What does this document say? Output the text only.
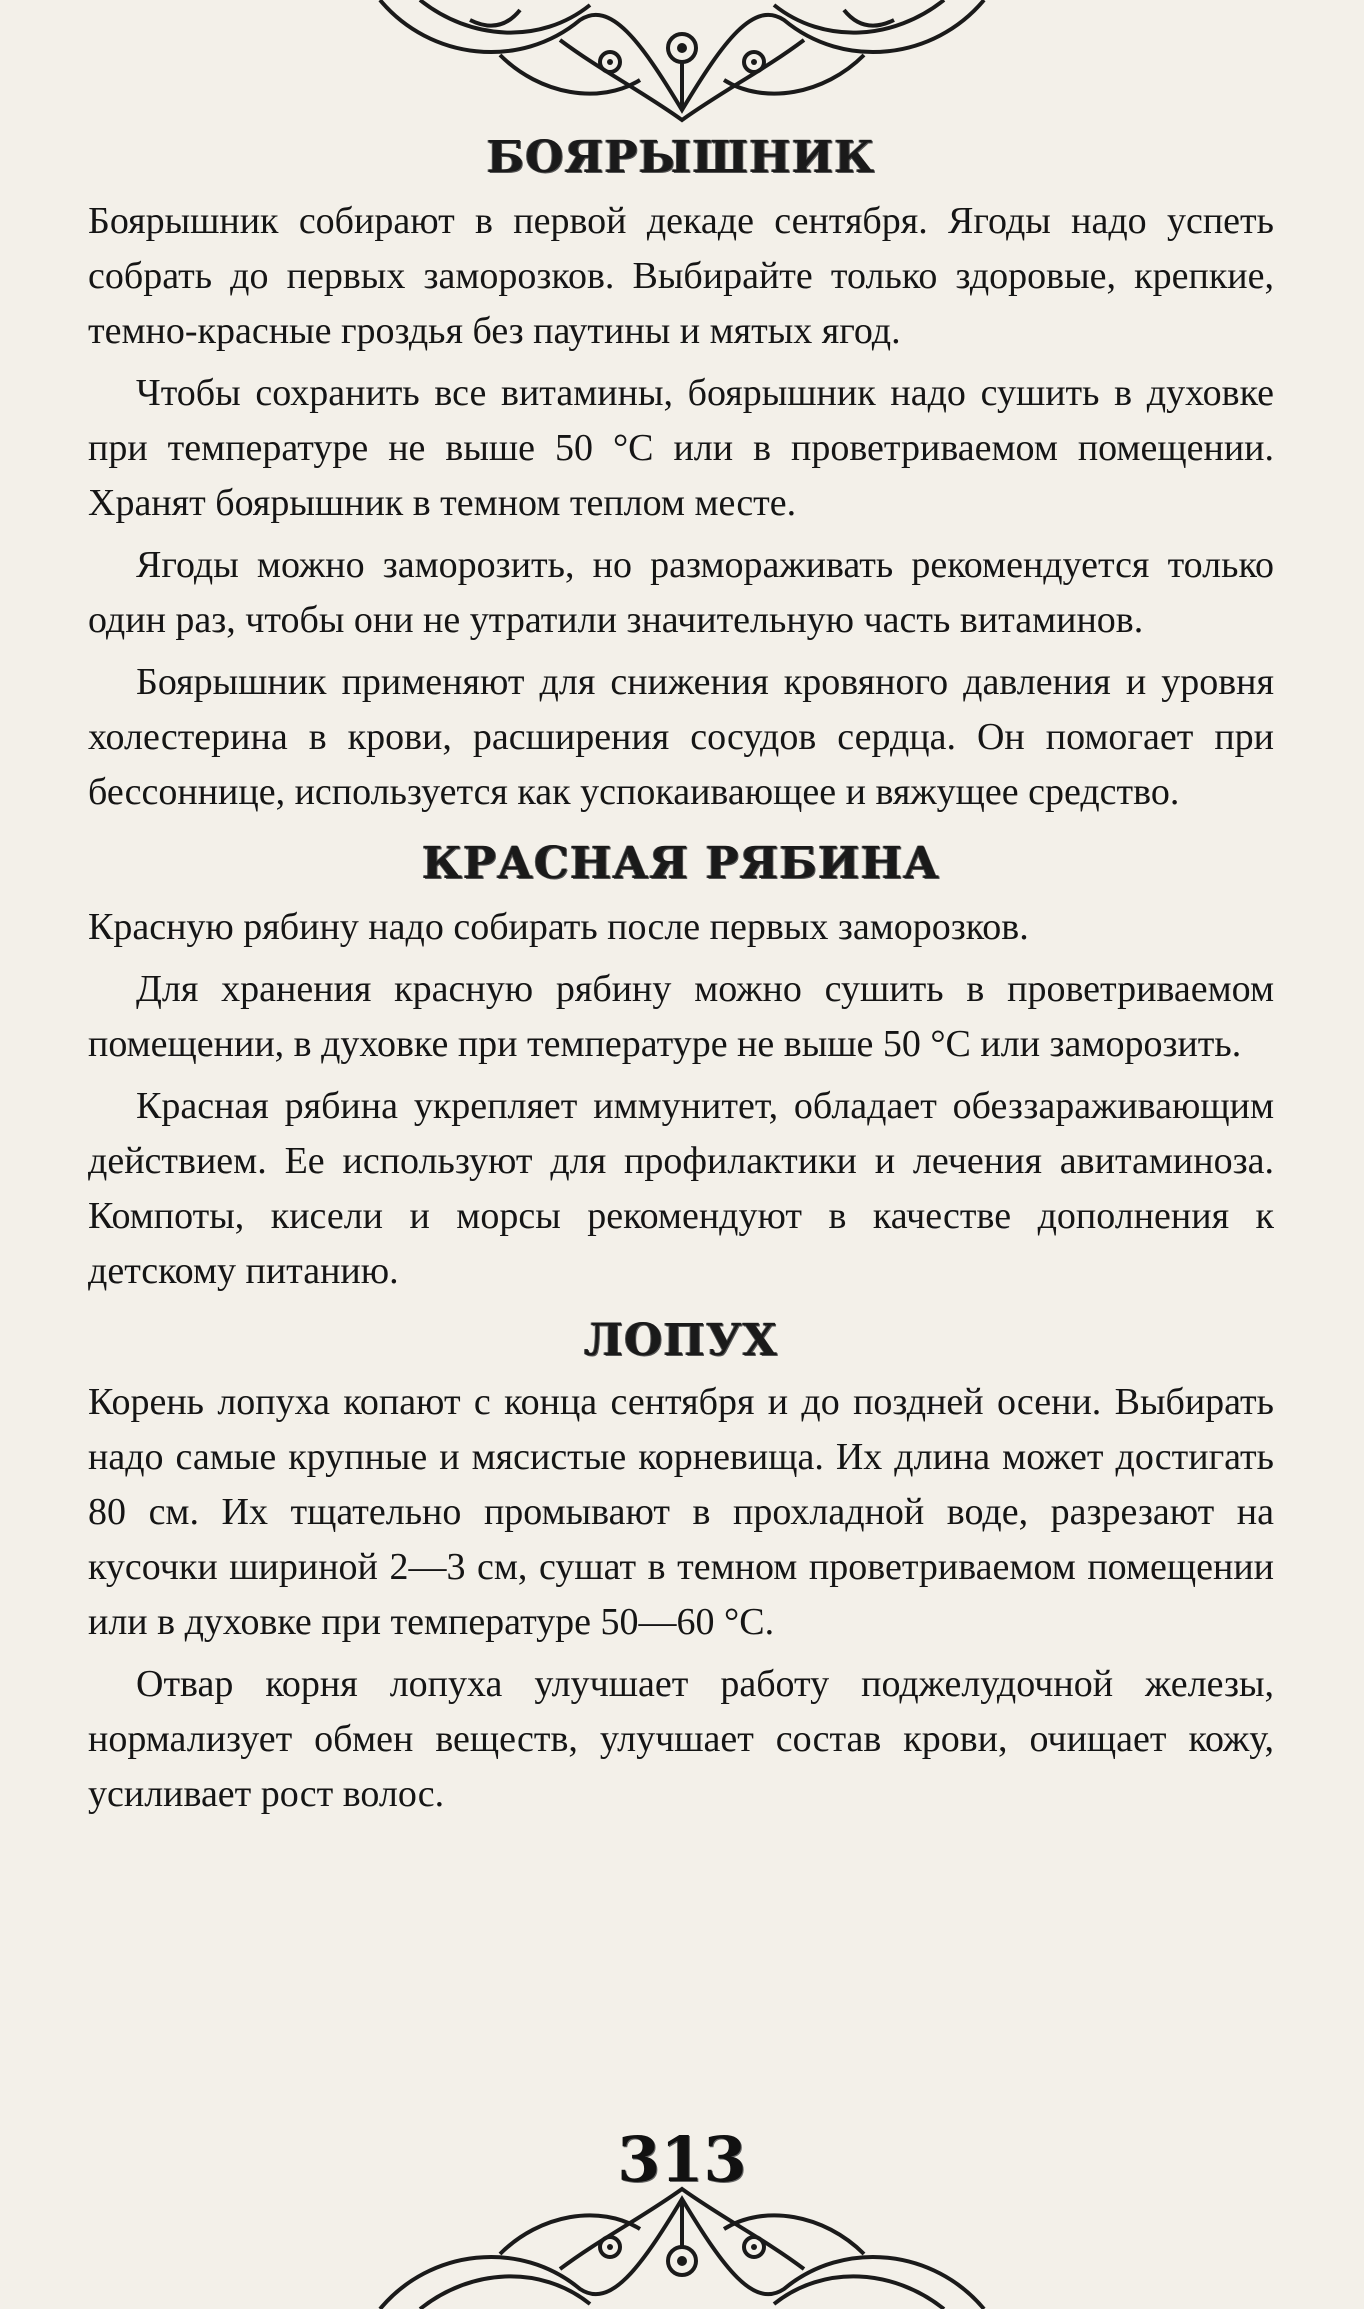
БОЯРЫШНИК

Боярышник собирают в первой декаде сентября. Ягоды надо успеть собрать до первых заморозков. Выбирайте только здоровые, крепкие, темно-красные гроздья без паутины и мятых ягод.

Чтобы сохранить все витамины, боярышник надо сушить в духовке при температуре не выше 50 °С или в проветриваемом помещении. Хранят боярышник в темном теплом месте.

Ягоды можно заморозить, но размораживать рекомендуется только один раз, чтобы они не утратили значительную часть витаминов.

Боярышник применяют для снижения кровяного давления и уровня холестерина в крови, расширения сосудов сердца. Он помогает при бессоннице, используется как успокаивающее и вяжущее средство.

КРАСНАЯ РЯБИНА

Красную рябину надо собирать после первых заморозков.

Для хранения красную рябину можно сушить в проветриваемом помещении, в духовке при температуре не выше 50 °С или заморозить.

Красная рябина укрепляет иммунитет, обладает обеззараживающим действием. Ее используют для профилактики и лечения авитаминоза. Компоты, кисели и морсы рекомендуют в качестве дополнения к детскому питанию.

ЛОПУХ

Корень лопуха копают с конца сентября и до поздней осени. Выбирать надо самые крупные и мясистые корневища. Их длина может достигать 80 см. Их тщательно промывают в прохладной воде, разрезают на кусочки шириной 2—3 см, сушат в темном проветриваемом помещении или в духовке при температуре 50—60 °С.

Отвар корня лопуха улучшает работу поджелудочной железы, нормализует обмен веществ, улучшает состав крови, очищает кожу, усиливает рост волос.

313
